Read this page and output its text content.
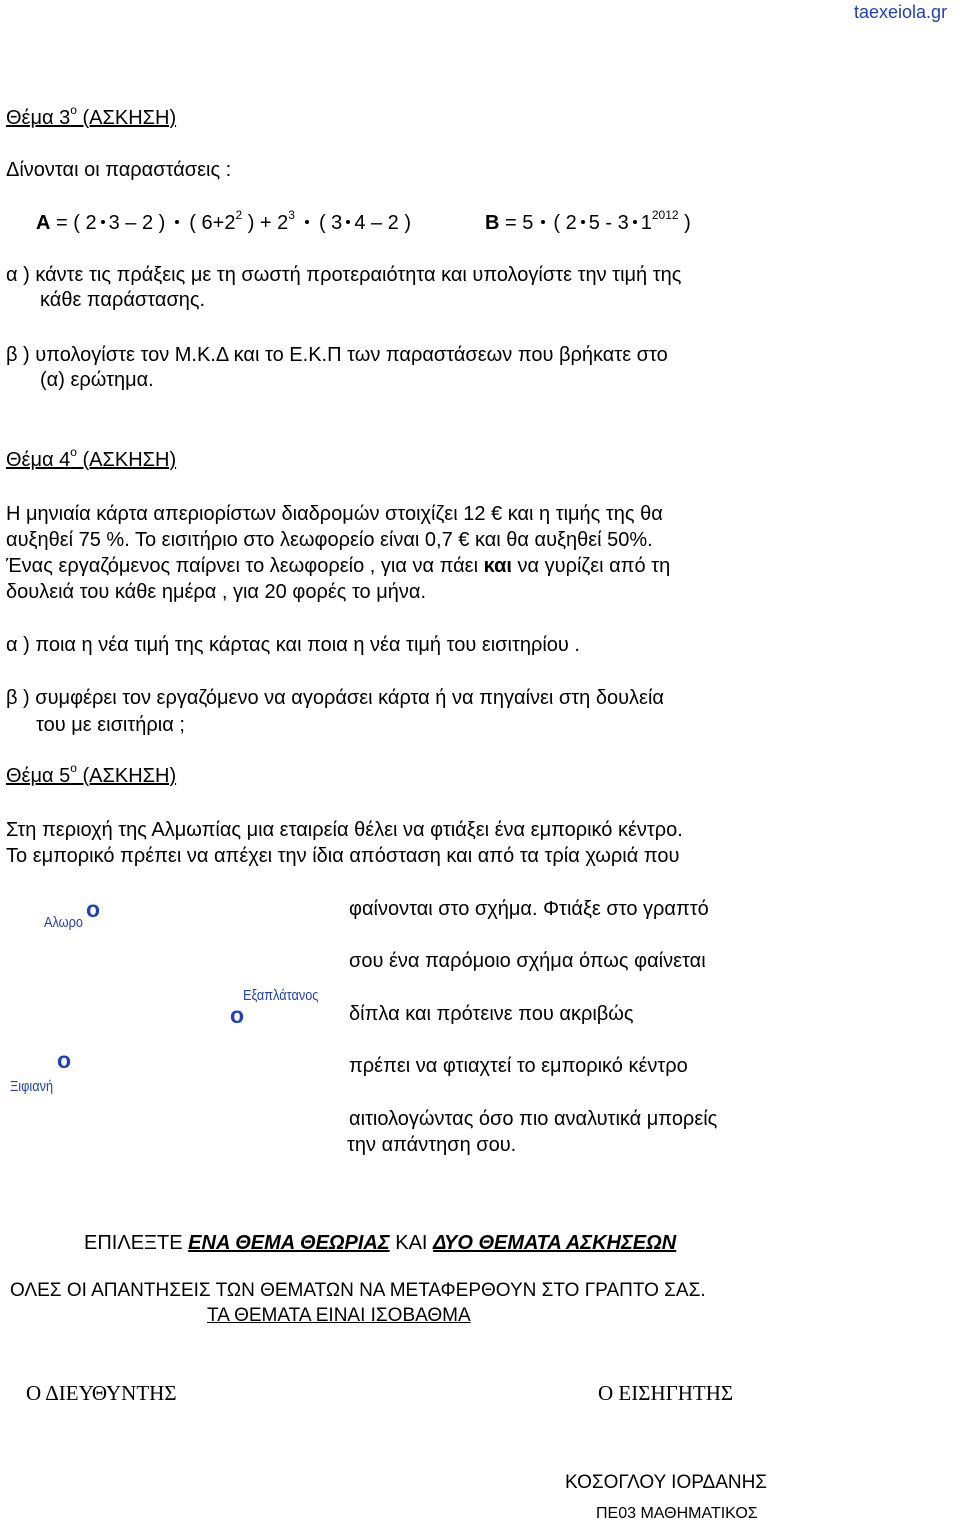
taexeiola.gr
Θέμα $3^o$ (ΑΣΚΗΣΗ)
Δίνονται οι παραστάσεις :
Α = ( 2 3 – 2 ) ( $6+2^2$ ) + $2^3$ ( 3 4 – 2 )	Β = 5 ( 2 5 - 3 $1^{2012}$ )
α ) κάντε τις πράξεις με τη σωστή προτεραιότητα και υπολογίστε την τιμή της
κάθε παράστασης.
β ) υπολογίστε τον Μ.Κ.Δ και το Ε.Κ.Π των παραστάσεων που βρήκατε στο
(α) ερώτημα.
Θέμα $4^o$ (ΑΣΚΗΣΗ)
Η μηνιαία κάρτα απεριορίστων διαδρομών στοιχίζει 12 € και η τιμής της θα
αυξηθεί 75 %. Το εισιτήριο στο λεωφορείο είναι 0,7 € και θα αυξηθεί 50%.
Ένας εργαζόμενος παίρνει το λεωφορείο , για να πάει και να γυρίζει από τη
δουλειά του κάθε ημέρα , για 20 φορές το μήνα.
α ) ποια η νέα τιμή της κάρτας και ποια η νέα τιμή του εισιτηρίου .
β ) συμφέρει τον εργαζόμενο να αγοράσει κάρτα ή να πηγαίνει στη δουλεία
του με εισιτήρια ;
Θέμα $5^o$ (ΑΣΚΗΣΗ)
Στη περιοχή της Αλμωπίας μια εταιρεία θέλει να φτιάξει ένα εμπορικό κέντρο.
Το εμπορικό πρέπει να απέχει την ίδια απόσταση και από τα τρία χωριά που
φαίνονται στο σχήμα. Φτιάξε στο γραπτό
σου ένα παρόμοιο σχήμα όπως φαίνεται
δίπλα και πρότεινε που ακριβώς
πρέπει να φτιαχτεί το εμπορικό κέντρο
αιτιολογώντας όσο πιο αναλυτικά μπορείς
την απάντηση σου.
Αλωρο
ο
Εξαπλάτανος
ο
ο
Ξιφιανή
ΕΠΙΛΕΞΤΕ ΕΝΑ ΘΕΜΑ ΘΕΩΡΙΑΣ ΚΑΙ ΔΥΟ ΘΕΜΑΤΑ ΑΣΚΗΣΕΩΝ
ΟΛΕΣ ΟΙ ΑΠΑΝΤΗΣΕΙΣ ΤΩΝ ΘΕΜΑΤΩΝ ΝΑ ΜΕΤΑΦΕΡΘΟΥΝ ΣΤΟ ΓΡΑΠΤΟ ΣΑΣ.
ΤΑ ΘΕΜΑΤΑ ΕΙΝΑΙ ΙΣΟΒΑΘΜΑ
Ο ΔΙΕΥΘΥΝΤΗΣ	Ο ΕΙΣΗΓΗΤΗΣ
ΚΟΣΟΓΛΟΥ ΙΟΡΔΑΝΗΣ
ΠΕ03 ΜΑΘΗΜΑΤΙΚΟΣ
